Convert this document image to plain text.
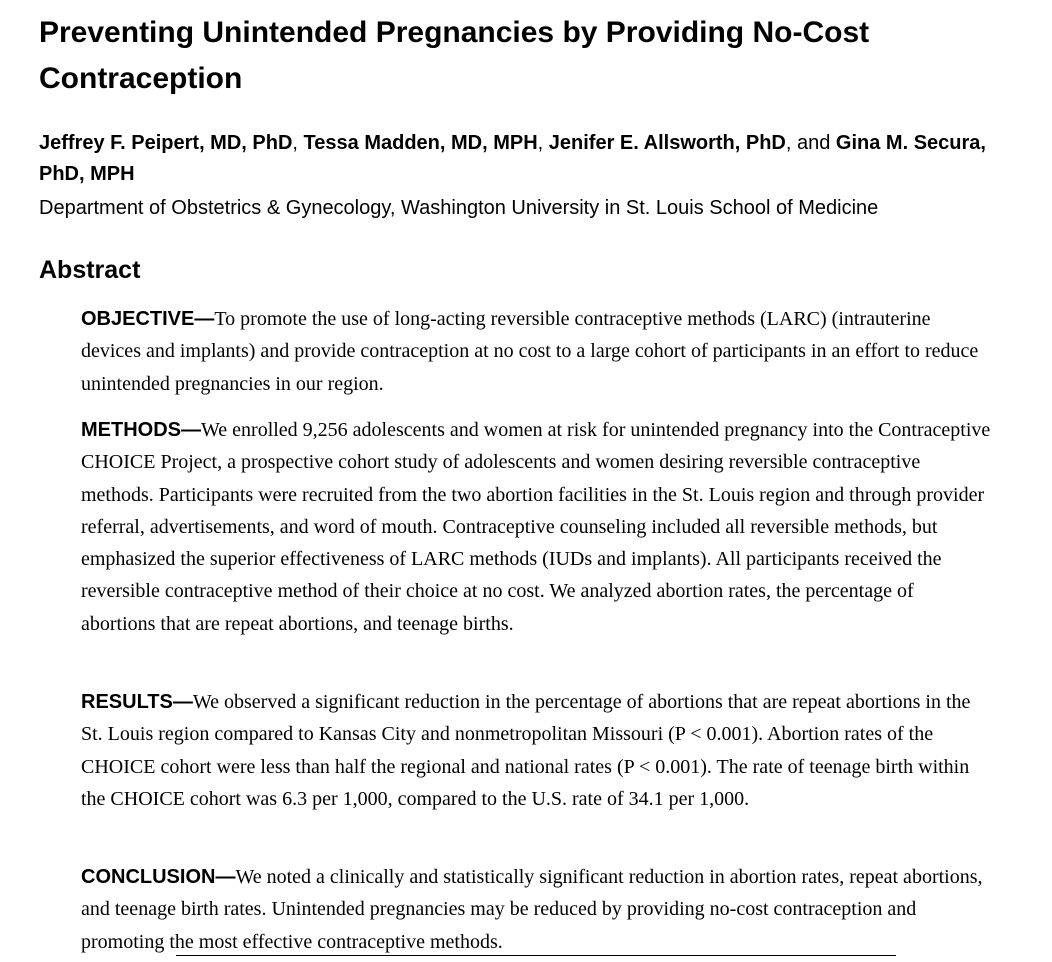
Preventing Unintended Pregnancies by Providing No-Cost Contraception
Jeffrey F. Peipert, MD, PhD, Tessa Madden, MD, MPH, Jenifer E. Allsworth, PhD, and Gina M. Secura, PhD, MPH
Department of Obstetrics & Gynecology, Washington University in St. Louis School of Medicine
Abstract

OBJECTIVE—To promote the use of long-acting reversible contraceptive methods (LARC) (intrauterine devices and implants) and provide contraception at no cost to a large cohort of participants in an effort to reduce unintended pregnancies in our region.

METHODS—We enrolled 9,256 adolescents and women at risk for unintended pregnancy into the Contraceptive CHOICE Project, a prospective cohort study of adolescents and women desiring reversible contraceptive methods. Participants were recruited from the two abortion facilities in the St. Louis region and through provider referral, advertisements, and word of mouth. Contraceptive counseling included all reversible methods, but emphasized the superior effectiveness of LARC methods (IUDs and implants). All participants received the reversible contraceptive method of their choice at no cost. We analyzed abortion rates, the percentage of abortions that are repeat abortions, and teenage births.

RESULTS—We observed a significant reduction in the percentage of abortions that are repeat abortions in the St. Louis region compared to Kansas City and nonmetropolitan Missouri (P < 0.001). Abortion rates of the CHOICE cohort were less than half the regional and national rates (P < 0.001). The rate of teenage birth within the CHOICE cohort was 6.3 per 1,000, compared to the U.S. rate of 34.1 per 1,000.

CONCLUSION—We noted a clinically and statistically significant reduction in abortion rates, repeat abortions, and teenage birth rates. Unintended pregnancies may be reduced by providing no-cost contraception and promoting the most effective contraceptive methods.
